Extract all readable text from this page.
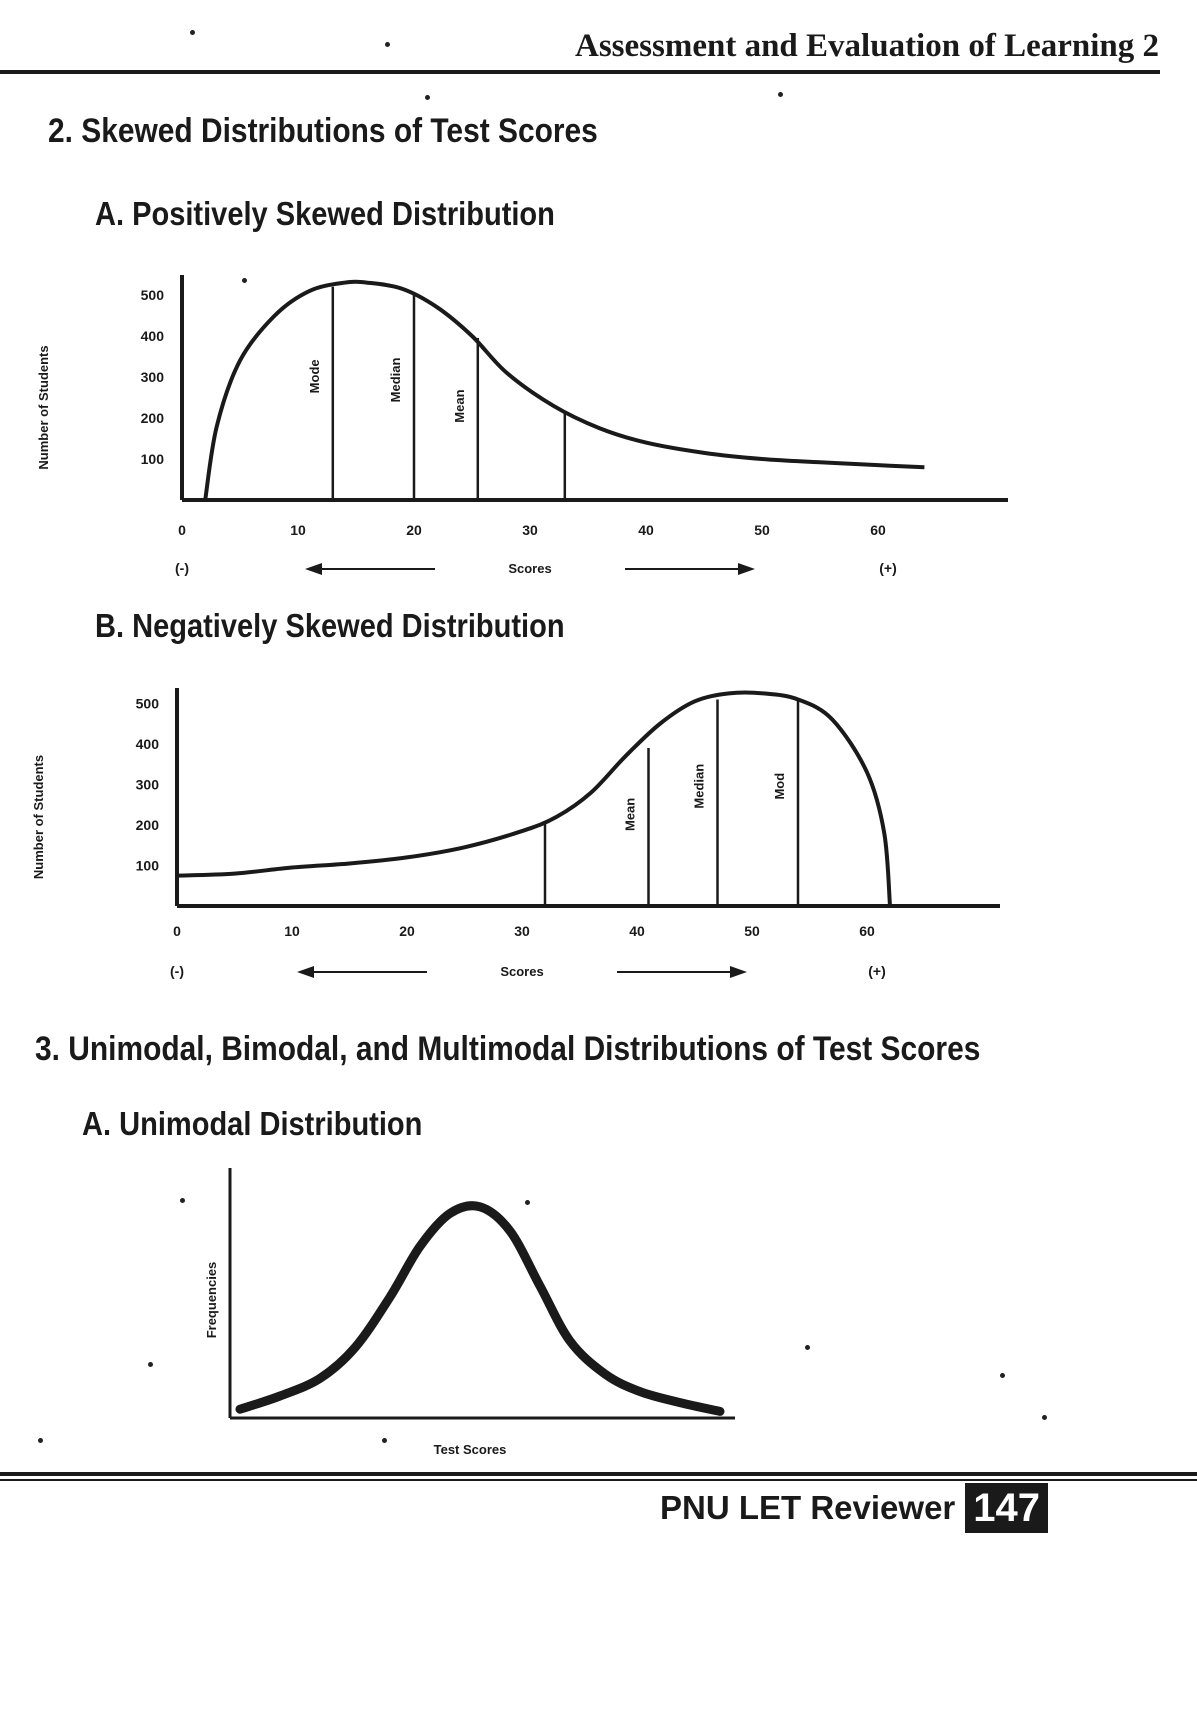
Assessment and Evaluation of Learning 2
2. Skewed Distributions of Test Scores
A. Positively Skewed Distribution
100
200
300
400
500
0	10	20	30	40	50	60
Number of Students
(-)	(+)
Scores
Mode	Median
Mean
B. Negatively Skewed Distribution
100
200
300
400
500
0	10	20	30	40	50	60
Number of Students
(-)	(+)
Scores
Mean
Median	Mod
3. Unimodal, Bimodal, and Multimodal Distributions of Test Scores
A. Unimodal Distribution
Frequencies
Test Scores
PNU LET Reviewer 147
